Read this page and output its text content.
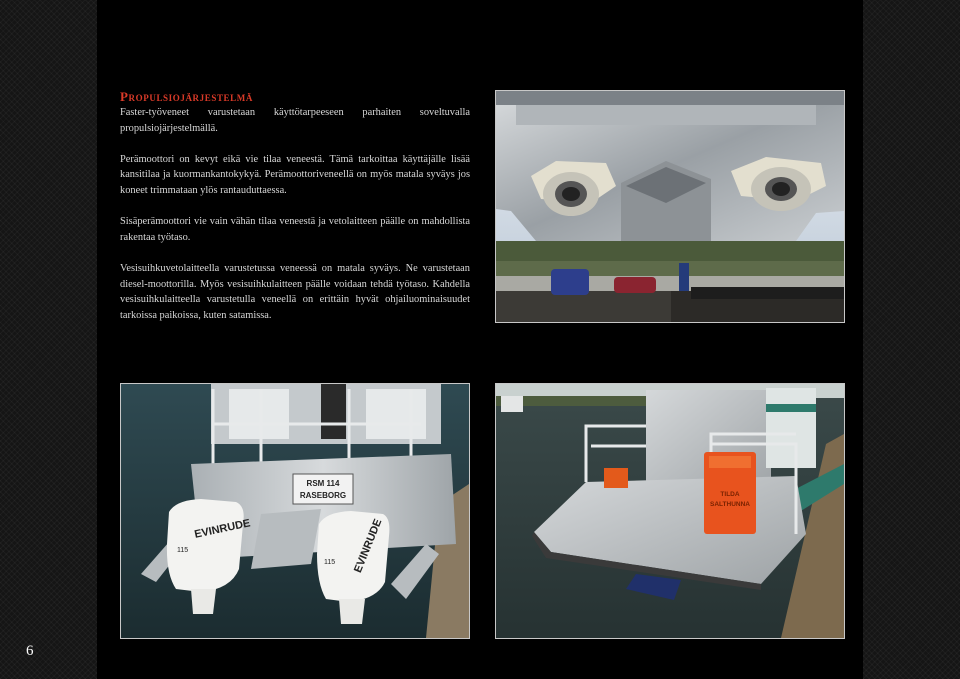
Propulsiojärjestelmä

Faster-työveneet varustetaan käyttötarpeeseen parhaiten soveltuvalla propulsiojärjestelmällä.

Perämoottori on kevyt eikä vie tilaa veneestä. Tämä tarkoittaa käyttäjälle lisää kansitilaa ja kuormankantokykyä. Perämoottoriveneellä on myös matala syväys jos koneet trimmataan ylös rantauduttaessa.

Sisäperämoottori vie vain vähän tilaa veneestä ja vetolaitteen päälle on mahdollista rakentaa työtaso.

Vesisuihkuvetolaitteella varustetussa veneessä on matala syväys. Ne varustetaan diesel-moottorilla. Myös vesisuihkulaitteen päälle voidaan tehdä työtaso. Kahdella vesisuihkulaitteella varustetulla veneellä on erittäin hyvät ohjailuominaisuudet tarkoissa paikoissa, kuten satamissa.

RSM 114
RASEBORG
EVINRUDE
115	EVINRUDE
115
TILDA
SALTHUNNA
6
